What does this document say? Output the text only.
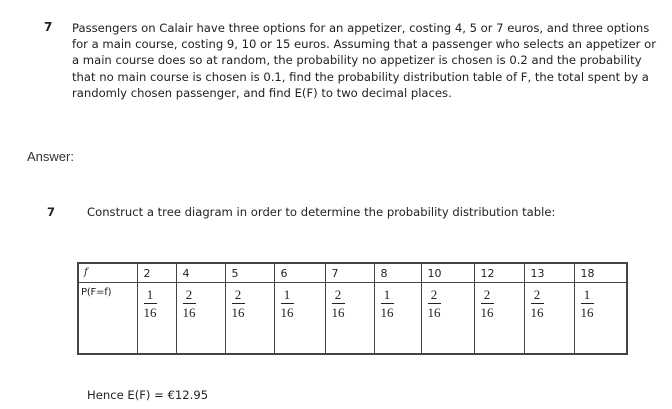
7 Passengers on Calair have three options for an appetizer, costing 4, 5 or 7 euros, and three options for a main course, costing 9, 10 or 15 euros. Assuming that a passenger who selects an appetizer or a main course does so at random, the probability no appetizer is chosen is 0.2 and the probability that no main course is chosen is 0.1, find the probability distribution table of F, the total spent by a randomly chosen passenger, and find E(F) to two decimal places.

Answer:
7	Construct a tree diagram in order to determine the probability distribution table:
f	2	4	5	6	7	8	10	12	13	18

P(F=f)	$\frac{1}{16}$	$\frac{2}{16}$	$\frac{2}{16}$	$\frac{1}{16}$	$\frac{2}{16}$	$\frac{1}{16}$	$\frac{2}{16}$	$\frac{2}{16}$	$\frac{2}{16}$	$\frac{1}{16}$
Hence E(F) = €12.95
